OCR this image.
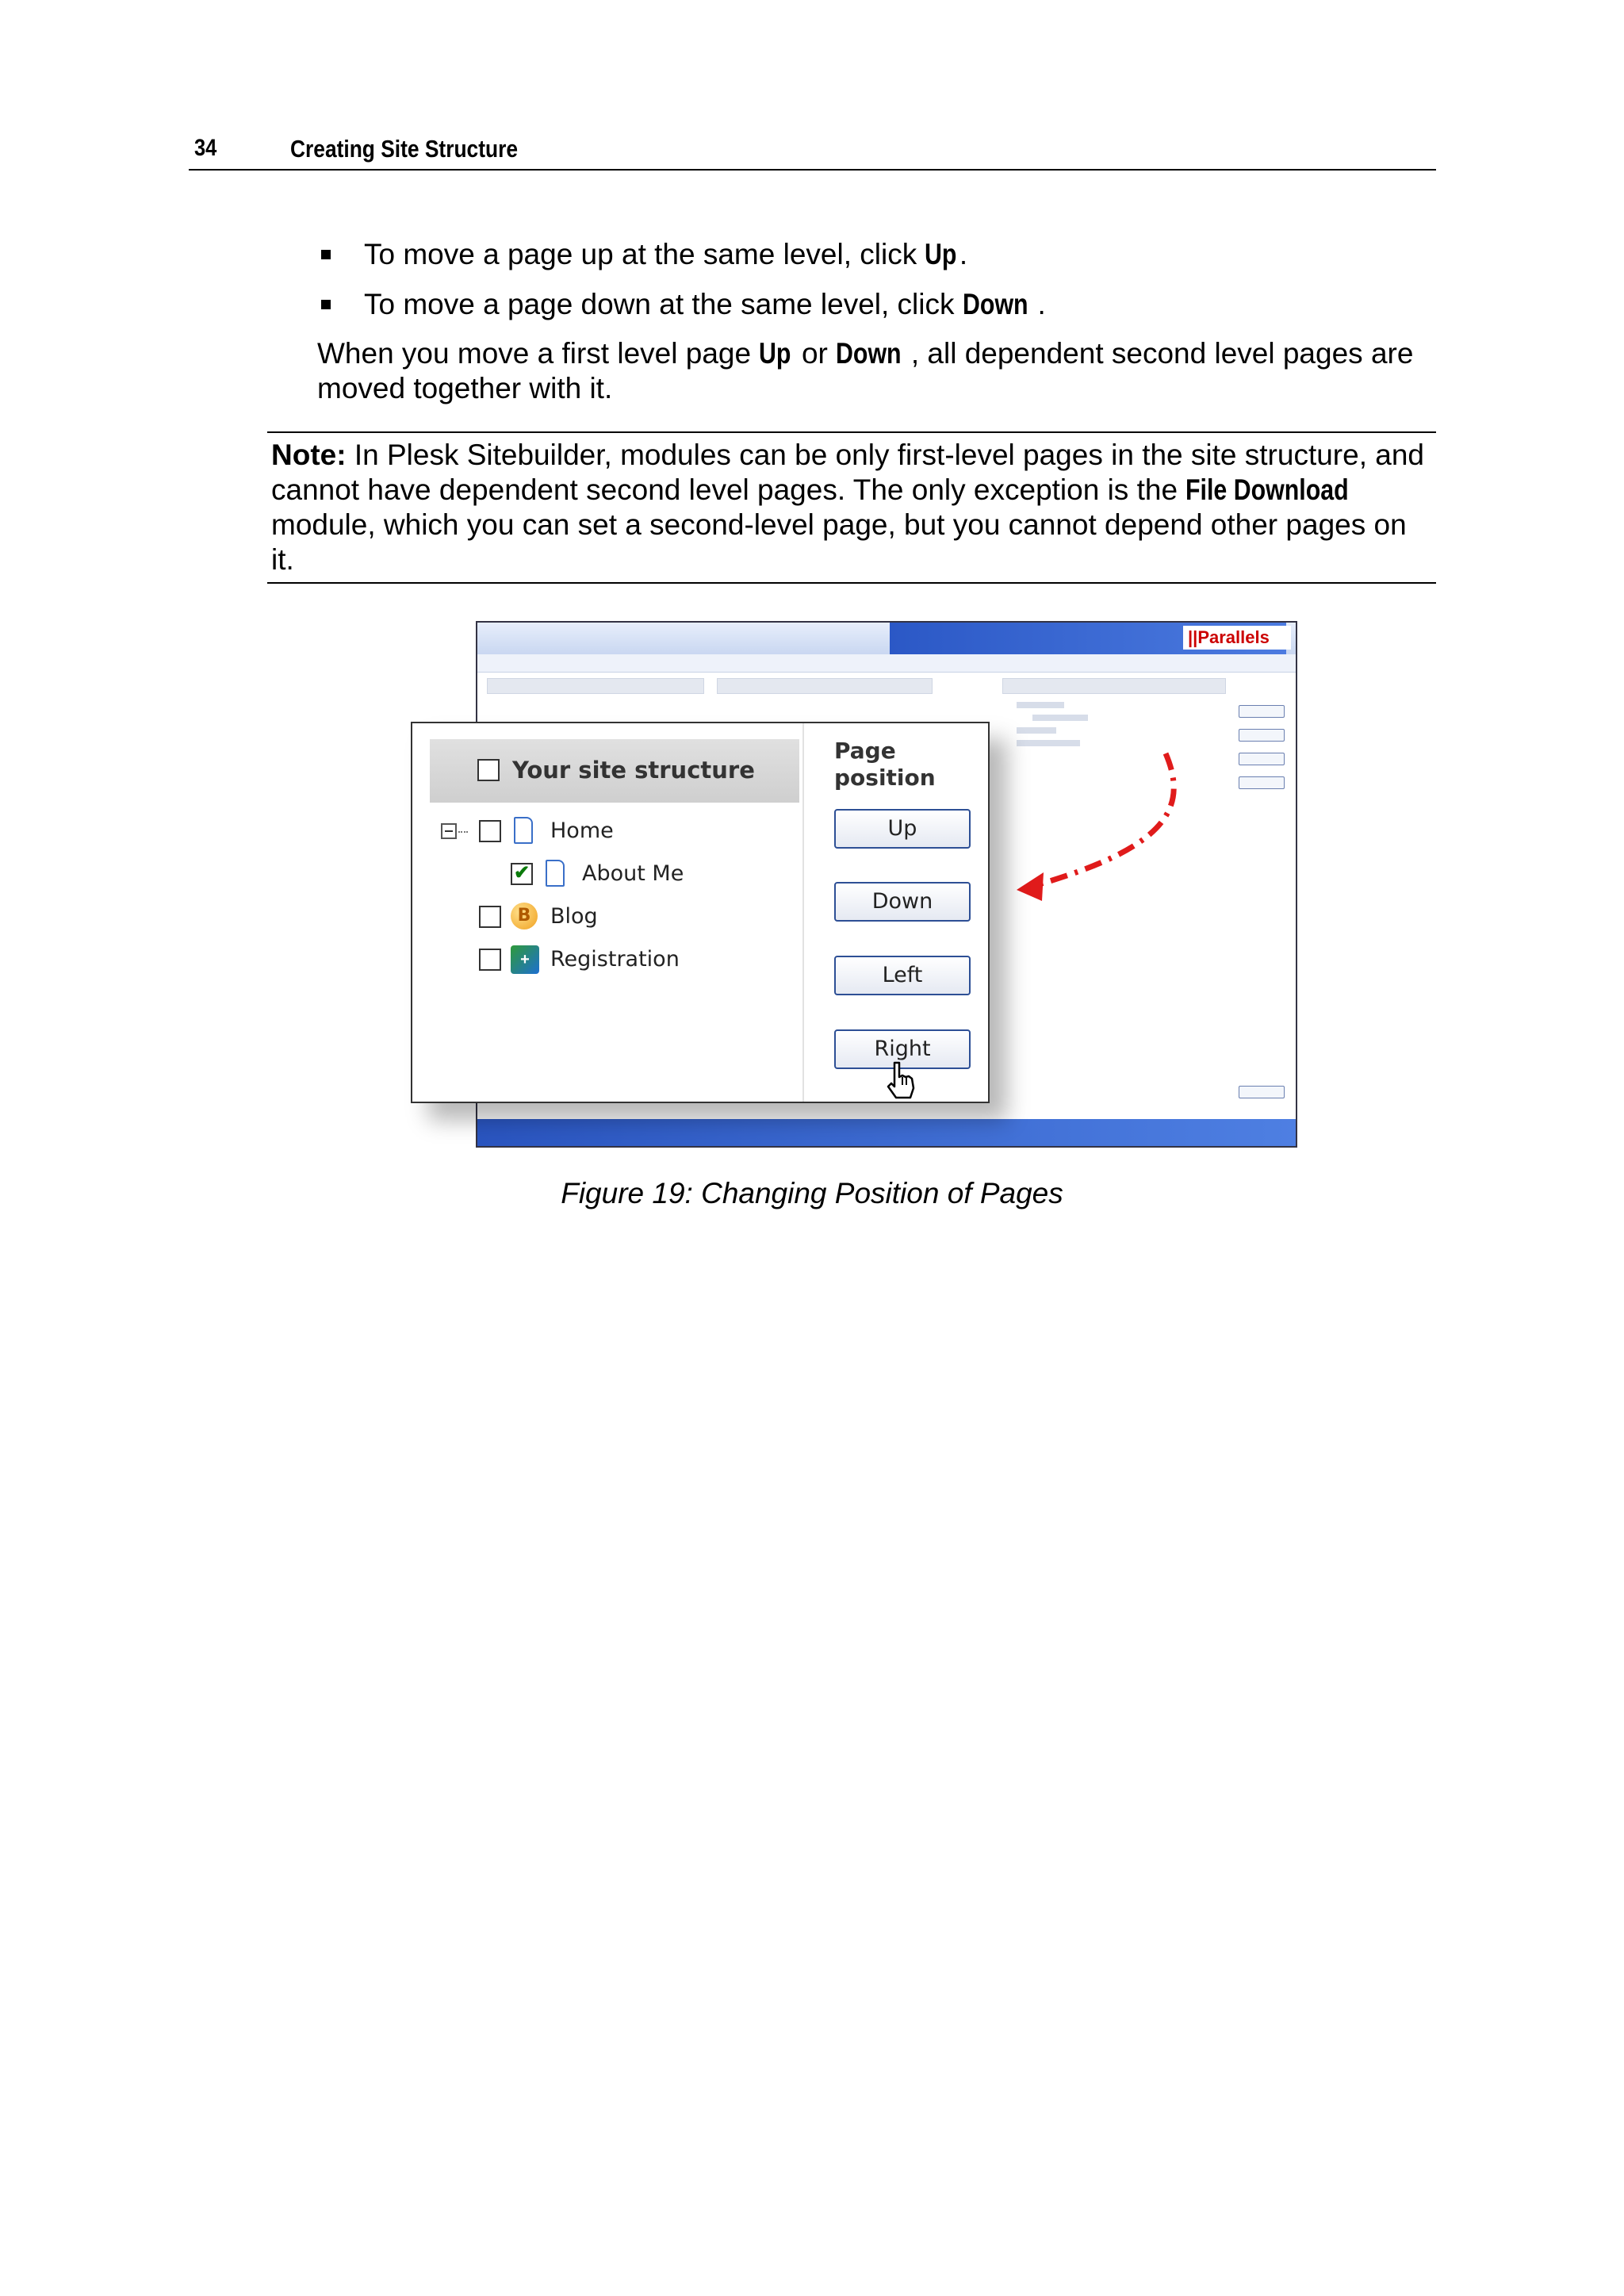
34	Creating Site Structure
To move a page up at the same level, click Up.
To move a page down at the same level, click Down .
When you move a first level page Up or Down , all dependent second level pages are moved together with it.
Note: In Plesk Sitebuilder, modules can be only first-level pages in the site structure, and cannot have dependent second level pages. The only exception is the File Download module, which you can set a second-level page, but you cannot depend other pages on it.
||Parallels
Your site structure
Home
✔
About Me
B Blog
+ Registration
Page
position
Up
Down
Left
Right
Figure 19: Changing Position of Pages
